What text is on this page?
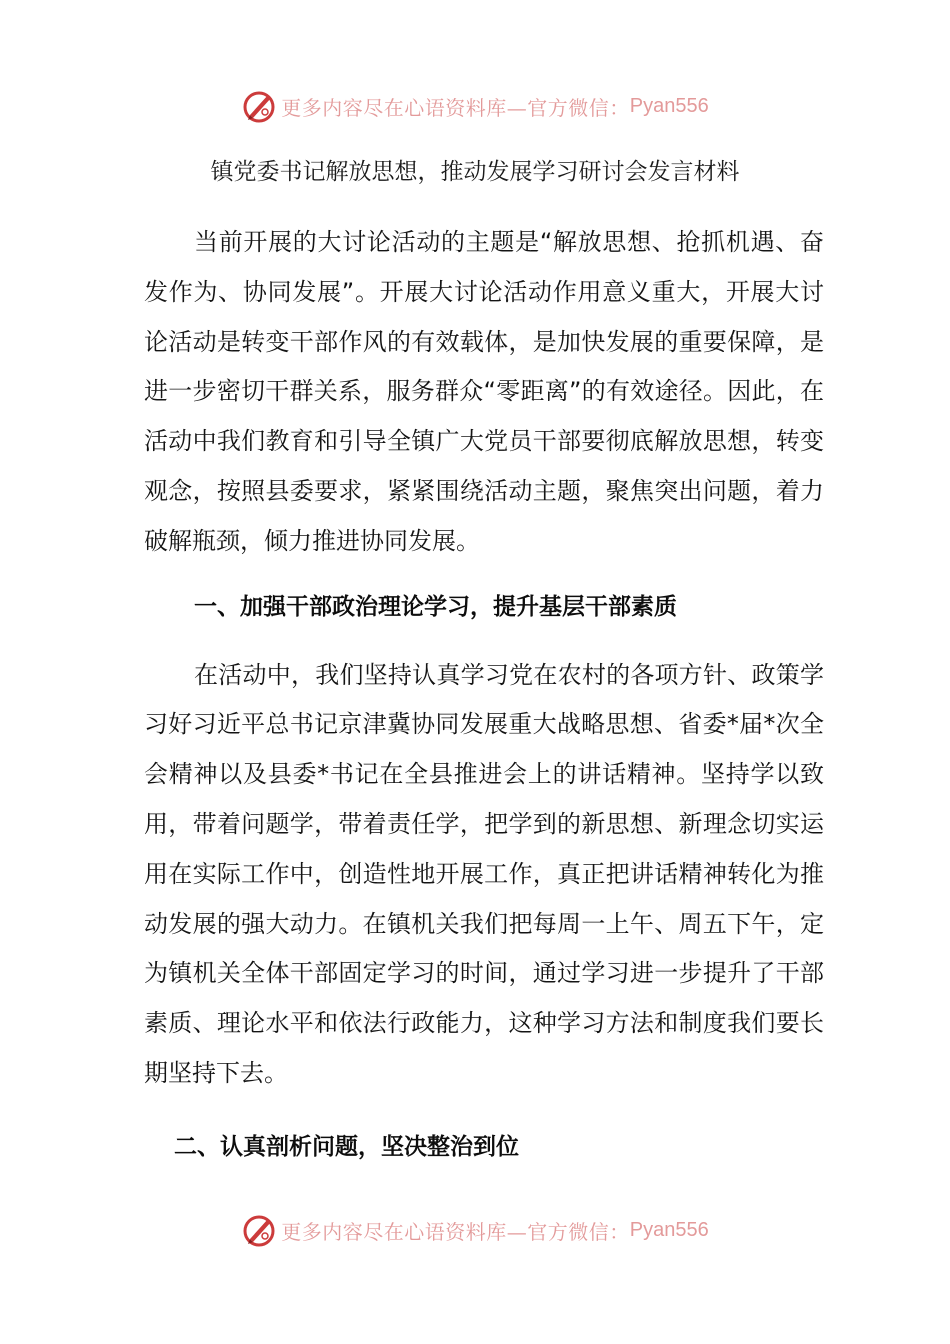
更多内容尽在心语资料库—官方微信： Pyan556
镇党委书记解放思想，推动发展学习研讨会发言材料

当前开展的大讨论活动的主题是“解放思想、抢抓机遇、奋发作为、协同发展”。开展大讨论活动作用意义重大，开展大讨论活动是转变干部作风的有效载体，是加快发展的重要保障，是进一步密切干群关系，服务群众“零距离”的有效途径。因此，在活动中我们教育和引导全镇广大党员干部要彻底解放思想，转变观念，按照县委要求，紧紧围绕活动主题，聚焦突出问题，着力破解瓶颈，倾力推进协同发展。

一、加强干部政治理论学习，提升基层干部素质

在活动中，我们坚持认真学习党在农村的各项方针、政策学习好习近平总书记京津冀协同发展重大战略思想、省委*届*次全会精神以及县委*书记在全县推进会上的讲话精神。坚持学以致用，带着问题学，带着责任学，把学到的新思想、新理念切实运用在实际工作中，创造性地开展工作，真正把讲话精神转化为推动发展的强大动力。在镇机关我们把每周一上午、周五下午，定为镇机关全体干部固定学习的时间，通过学习进一步提升了干部素质、理论水平和依法行政能力，这种学习方法和制度我们要长期坚持下去。

二、认真剖析问题，坚决整治到位
更多内容尽在心语资料库—官方微信： Pyan556
